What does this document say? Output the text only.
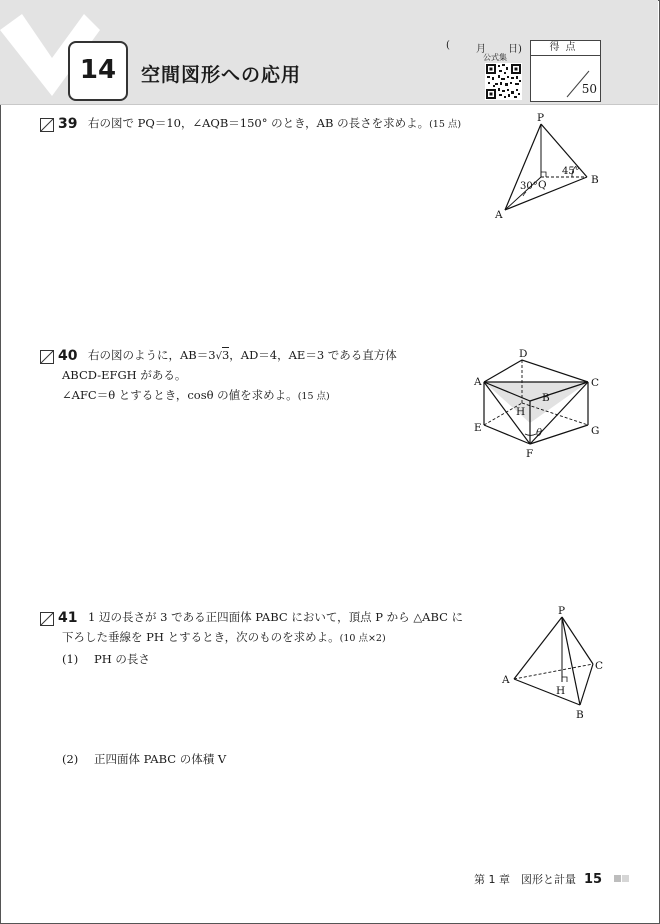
14	空間図形への応用
(	月 日)
公式集
得点
50
39 右の図で PQ＝10，∠AQB＝150° のとき，AB の長さを求めよ。(15 点)
P
Q
A
B
30°
45°
40 右の図のように，AB＝3√3，AD＝4，AE＝3 である直方体
ABCD-EFGH がある。
∠AFC＝θ とするとき，cosθ の値を求めよ。(15 点)
A
D
C
B
H
E	G
F
θ
41 1 辺の長さが 3 である正四面体 PABC において，頂点 P から △ABC に
下ろした垂線を PH とするとき，次のものを求めよ。(10 点×2)
(1) PH の長さ
(2) 正四面体 PABC の体積 V
P
A
B
C
H
第 1 章　図形と計量 15
